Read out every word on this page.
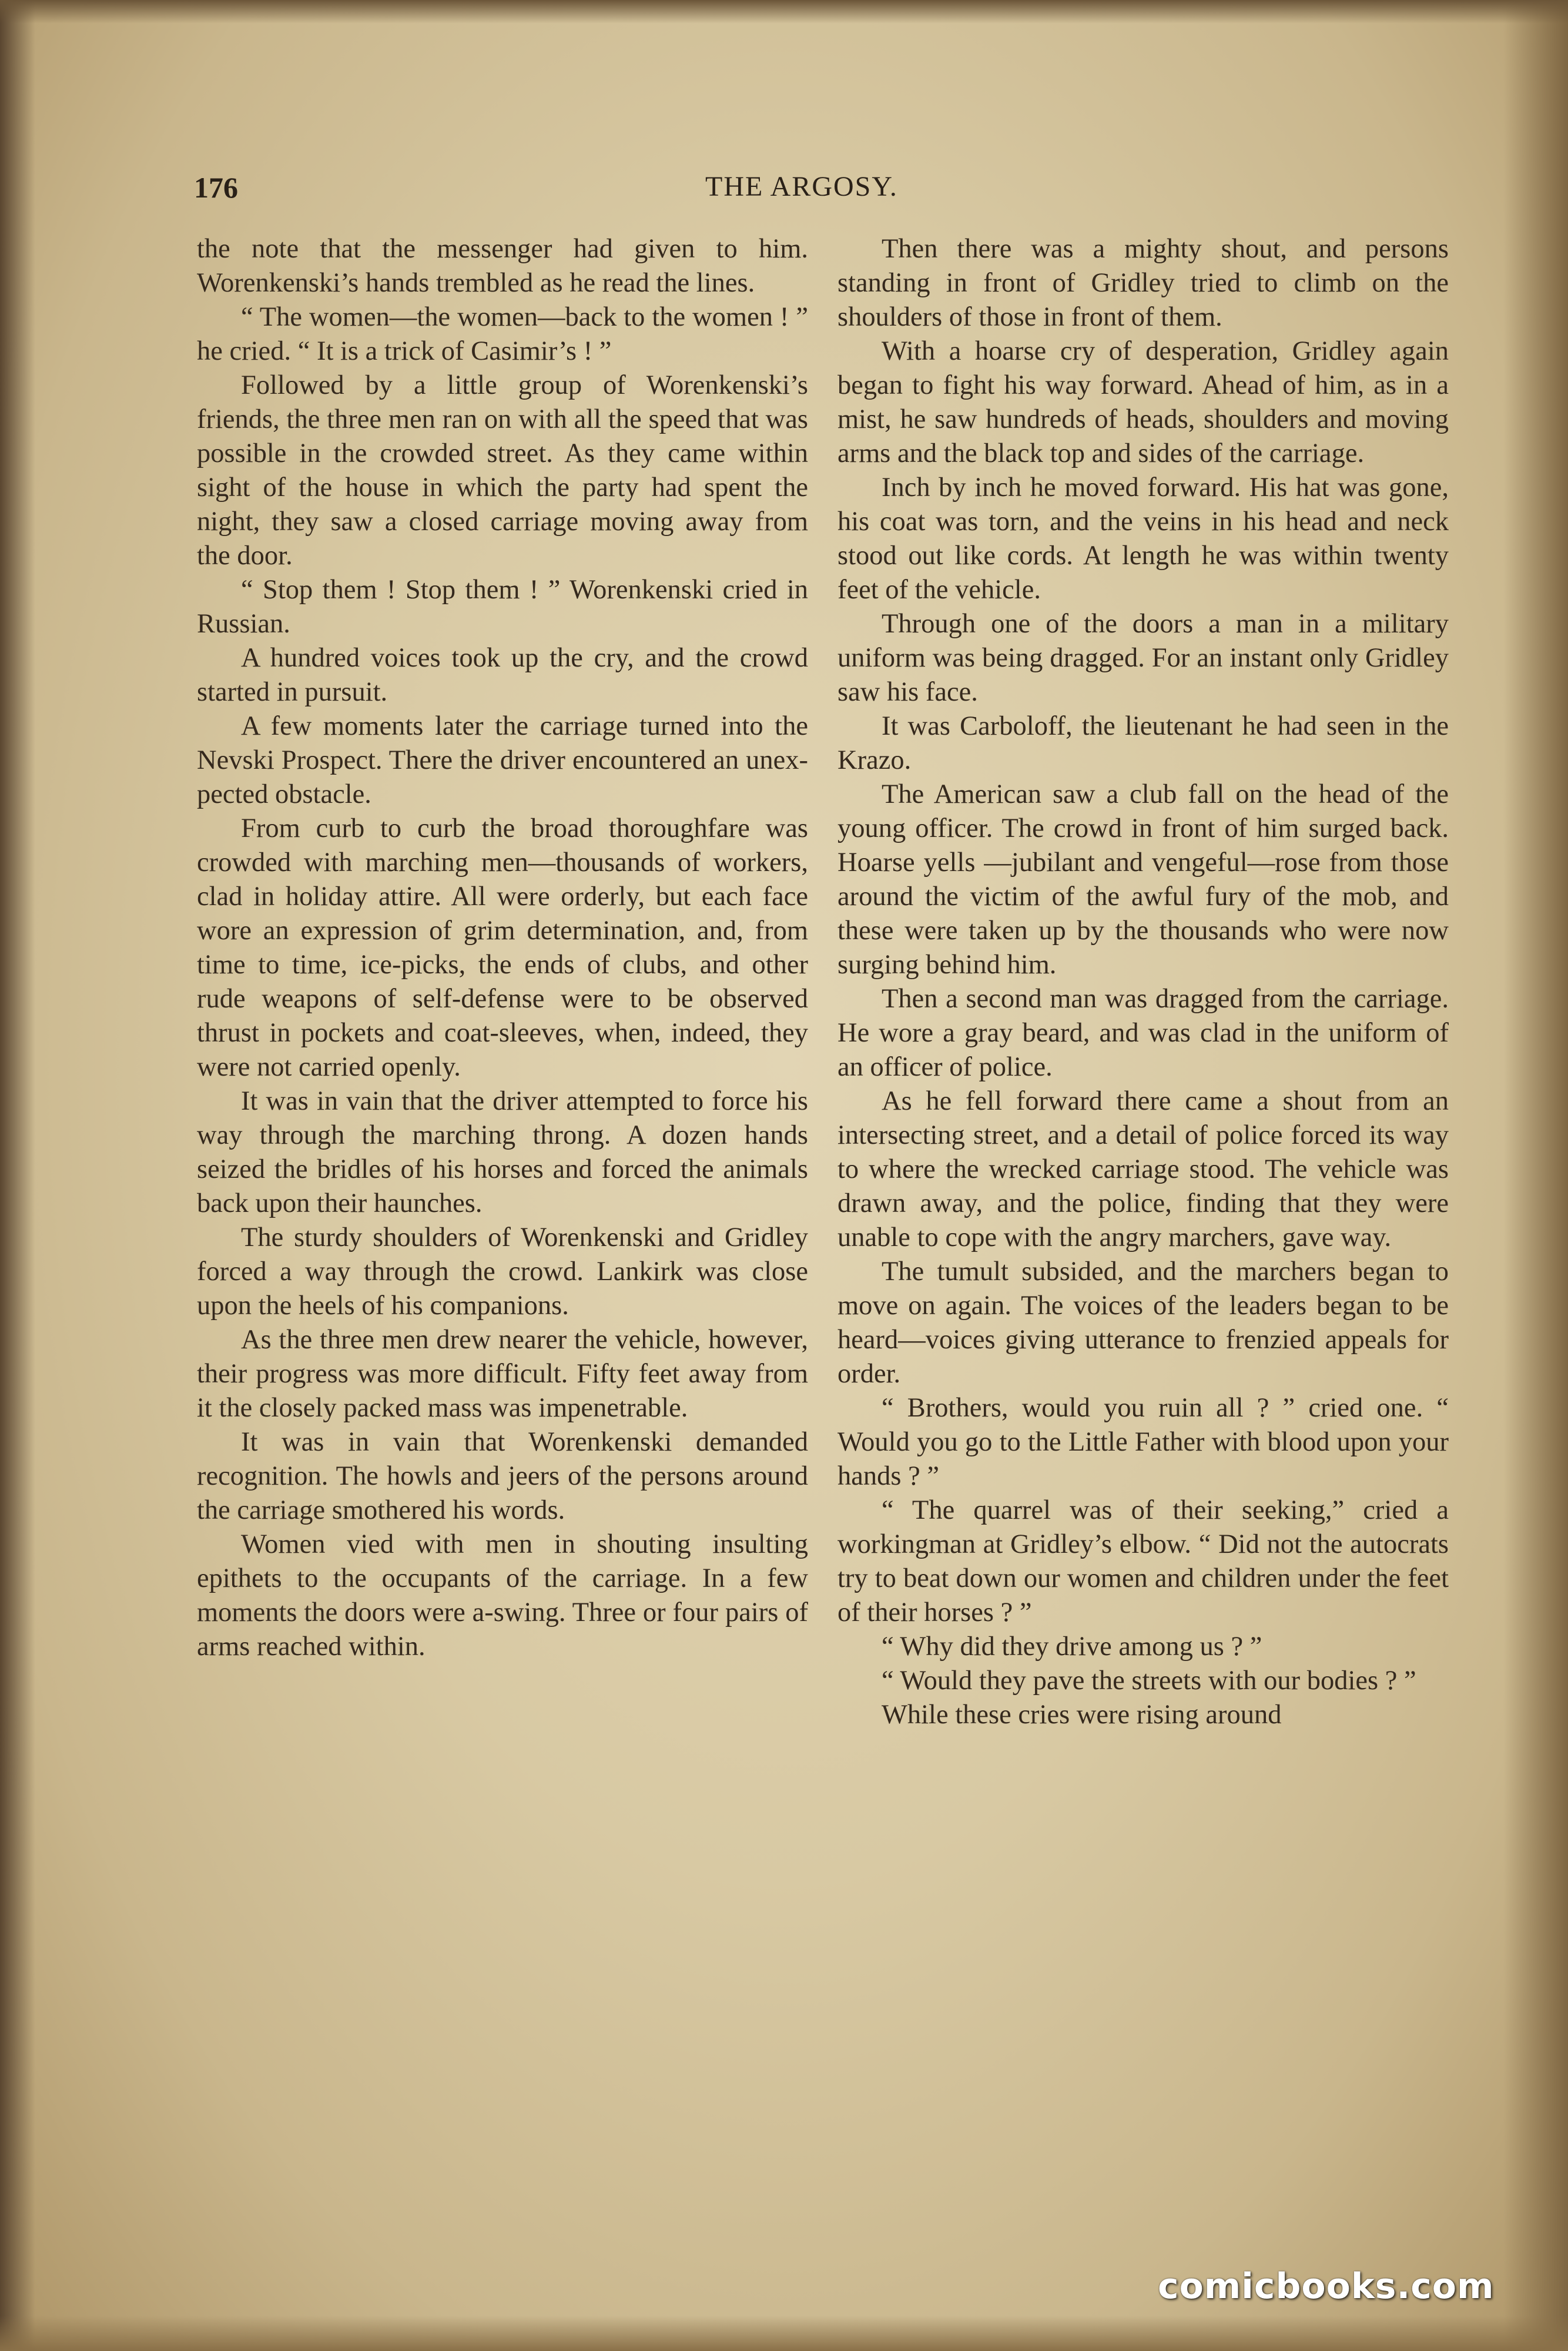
176	THE ARGOSY.

the note that the messenger had given to him. Worenkenski’s hands trembled as he read the lines.

“ The women—the women—back to the women ! ” he cried. “ It is a trick of Casimir’s ! ”

Followed by a little group of Worenkenski’s friends, the three men ran on with all the speed that was possible in the crowded street. As they came within sight of the house in which the party had spent the night, they saw a closed carriage moving away from the door.

“ Stop them ! Stop them ! ” Worenkenski cried in Russian.

A hundred voices took up the cry, and the crowd started in pursuit.

A few moments later the carriage turned into the Nevski Prospect. There the driver encountered an unexpected obstacle.

From curb to curb the broad thoroughfare was crowded with marching men—thousands of workers, clad in holiday attire. All were orderly, but each face wore an expression of grim determination, and, from time to time, ice-picks, the ends of clubs, and other rude weapons of self-defense were to be observed thrust in pockets and coat-sleeves, when, indeed, they were not carried openly.

It was in vain that the driver attempted to force his way through the marching throng. A dozen hands seized the bridles of his horses and forced the animals back upon their haunches.

The sturdy shoulders of Worenkenski and Gridley forced a way through the crowd. Lankirk was close upon the heels of his companions.

As the three men drew nearer the vehicle, however, their progress was more difficult. Fifty feet away from it the closely packed mass was impenetrable.

It was in vain that Worenkenski demanded recognition. The howls and jeers of the persons around the carriage smothered his words.

Women vied with men in shouting insulting epithets to the occupants of the carriage. In a few moments the doors were a-swing. Three or four pairs of arms reached within.

Then there was a mighty shout, and persons standing in front of Gridley tried to climb on the shoulders of those in front of them.

With a hoarse cry of desperation, Gridley again began to fight his way forward. Ahead of him, as in a mist, he saw hundreds of heads, shoulders and moving arms and the black top and sides of the carriage.

Inch by inch he moved forward. His hat was gone, his coat was torn, and the veins in his head and neck stood out like cords. At length he was within twenty feet of the vehicle.

Through one of the doors a man in a military uniform was being dragged. For an instant only Gridley saw his face.

It was Carboloff, the lieutenant he had seen in the Krazo.

The American saw a club fall on the head of the young officer. The crowd in front of him surged back. Hoarse yells —jubilant and vengeful—rose from those around the victim of the awful fury of the mob, and these were taken up by the thousands who were now surging behind him.

Then a second man was dragged from the carriage. He wore a gray beard, and was clad in the uniform of an officer of police.

As he fell forward there came a shout from an intersecting street, and a detail of police forced its way to where the wrecked carriage stood. The vehicle was drawn away, and the police, finding that they were unable to cope with the angry marchers, gave way.

The tumult subsided, and the marchers began to move on again. The voices of the leaders began to be heard—voices giving utterance to frenzied appeals for order.

“ Brothers, would you ruin all ? ” cried one. “ Would you go to the Little Father with blood upon your hands ? ”

“ The quarrel was of their seeking,” cried a workingman at Gridley’s elbow. “ Did not the autocrats try to beat down our women and children under the feet of their horses ? ”

“ Why did they drive among us ? ”

“ Would they pave the streets with our bodies ? ”

While these cries were rising around

comicbooks.com
